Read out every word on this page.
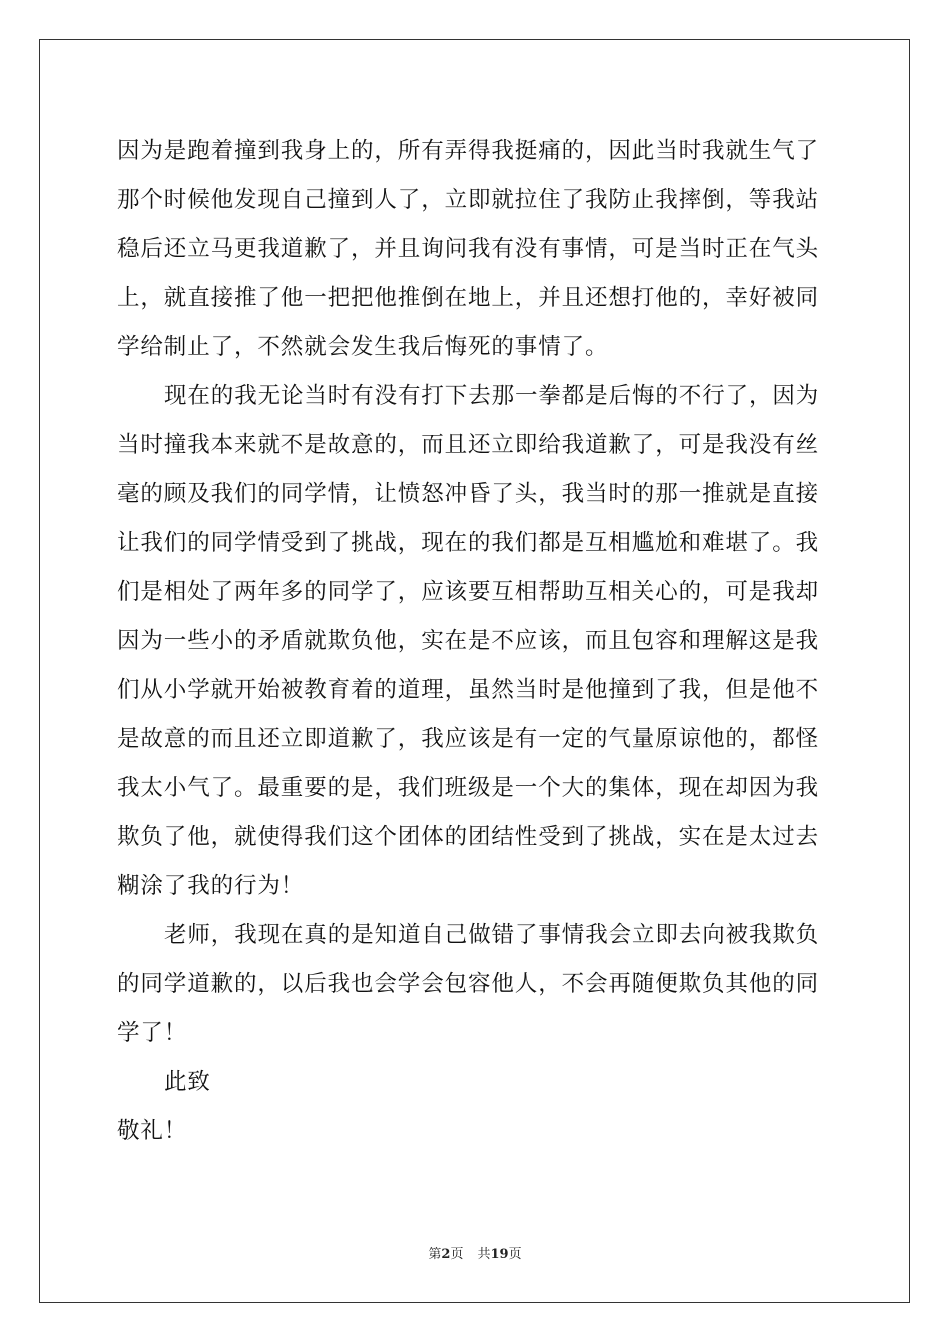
因为是跑着撞到我身上的，所有弄得我挺痛的，因此当时我就生气了
那个时候他发现自己撞到人了，立即就拉住了我防止我摔倒，等我站
稳后还立马更我道歉了，并且询问我有没有事情，可是当时正在气头
上，就直接推了他一把把他推倒在地上，并且还想打他的，幸好被同
学给制止了，不然就会发生我后悔死的事情了。
现在的我无论当时有没有打下去那一拳都是后悔的不行了，因为
当时撞我本来就不是故意的，而且还立即给我道歉了，可是我没有丝
毫的顾及我们的同学情，让愤怒冲昏了头，我当时的那一推就是直接
让我们的同学情受到了挑战，现在的我们都是互相尴尬和难堪了。我
们是相处了两年多的同学了，应该要互相帮助互相关心的，可是我却
因为一些小的矛盾就欺负他，实在是不应该，而且包容和理解这是我
们从小学就开始被教育着的道理，虽然当时是他撞到了我，但是他不
是故意的而且还立即道歉了，我应该是有一定的气量原谅他的，都怪
我太小气了。最重要的是，我们班级是一个大的集体，现在却因为我
欺负了他，就使得我们这个团体的团结性受到了挑战，实在是太过去
糊涂了我的行为！
老师，我现在真的是知道自己做错了事情我会立即去向被我欺负
的同学道歉的，以后我也会学会包容他人，不会再随便欺负其他的同
学了！
此致
敬礼！
第2页 共19页
